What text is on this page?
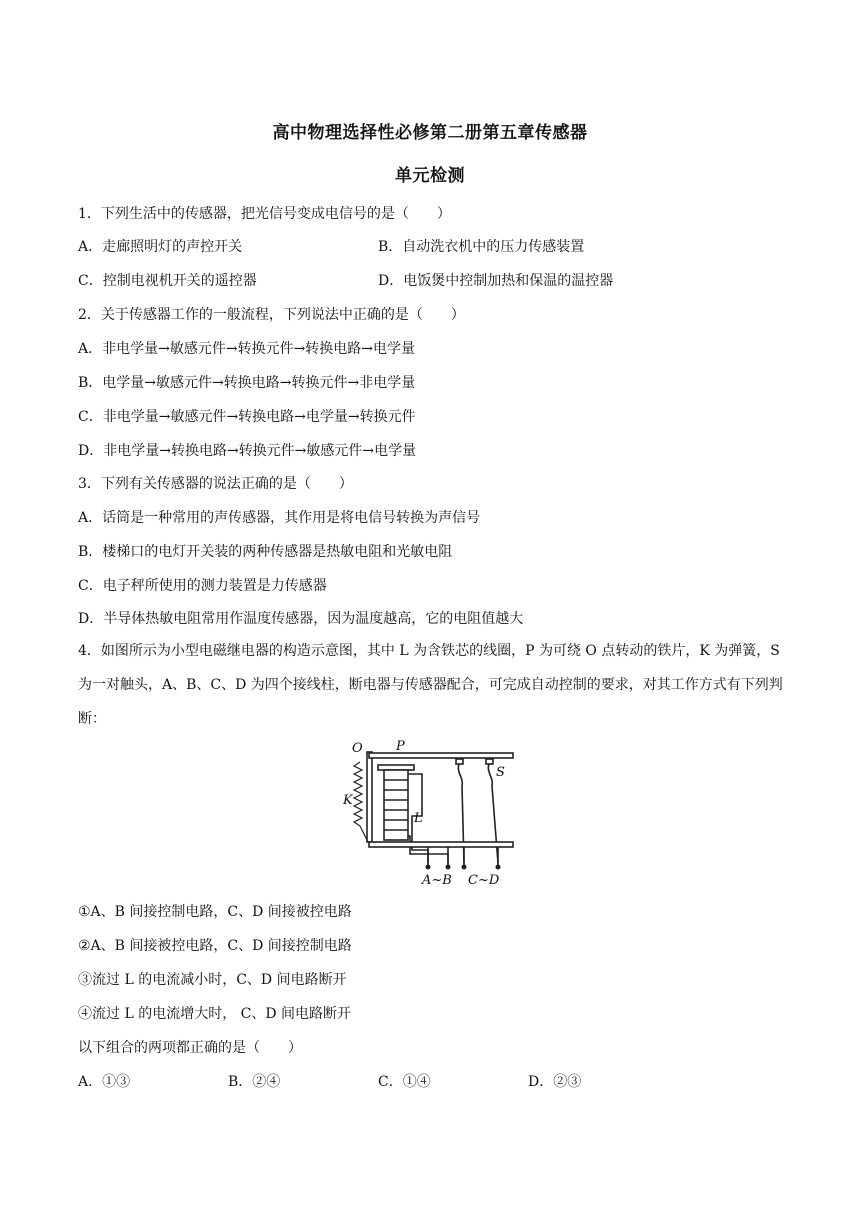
高中物理选择性必修第二册第五章传感器
单元检测
1．下列生活中的传感器，把光信号变成电信号的是（　　）
A．走廊照明灯的声控开关	B．自动洗衣机中的压力传感装置
C．控制电视机开关的遥控器	D．电饭煲中控制加热和保温的温控器
2．关于传感器工作的一般流程，下列说法中正确的是（　　）
A．非电学量→敏感元件→转换元件→转换电路→电学量
B．电学量→敏感元件→转换电路→转换元件→非电学量
C．非电学量→敏感元件→转换电路→电学量→转换元件
D．非电学量→转换电路→转换元件→敏感元件→电学量
3．下列有关传感器的说法正确的是（　　）
A．话筒是一种常用的声传感器，其作用是将电信号转换为声信号
B．楼梯口的电灯开关装的两种传感器是热敏电阻和光敏电阻
C．电子秤所使用的测力装置是力传感器
D．半导体热敏电阻常用作温度传感器，因为温度越高，它的电阻值越大
4．如图所示为小型电磁继电器的构造示意图，其中 L 为含铁芯的线圈，P 为可绕 O 点转动的铁片，K 为弹簧，S 为一对触头，A、B、C、D 为四个接线柱，断电器与传感器配合，可完成自动控制的要求，对其工作方式有下列判断：
O	P
S
K
L
A~B C~D
①A、B 间接控制电路，C、D 间接被控电路
②A、B 间接被控电路，C、D 间接控制电路
③流过 L 的电流减小时，C、D 间电路断开
④流过 L 的电流增大时， C、D 间电路断开
以下组合的两项都正确的是（　　）
A．①③	B．②④	C．①④	D．②③
